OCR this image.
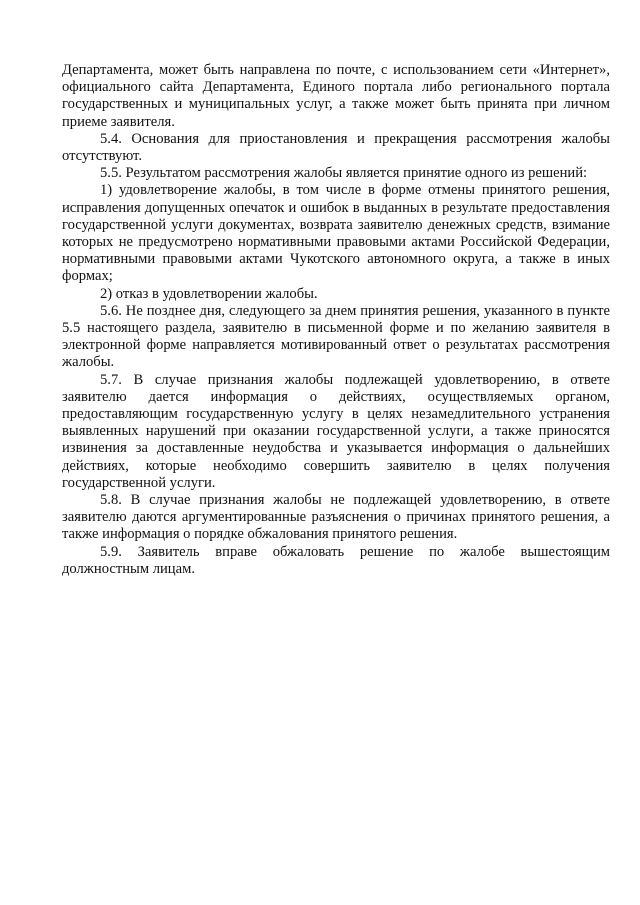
Департамента, может быть направлена по почте, с использованием сети «Интернет», официального сайта Департамента, Единого портала либо регионального портала государственных и муниципальных услуг, а также может быть принята при личном приеме заявителя.

5.4. Основания для приостановления и прекращения рассмотрения жалобы отсутствуют.

5.5. Результатом рассмотрения жалобы является принятие одного из решений:

1) удовлетворение жалобы, в том числе в форме отмены принятого решения, исправления допущенных опечаток и ошибок в выданных в результате предоставления государственной услуги документах, возврата заявителю денежных средств, взимание которых не предусмотрено нормативными правовыми актами Российской Федерации, нормативными правовыми актами Чукотского автономного округа, а также в иных формах;

2) отказ в удовлетворении жалобы.

5.6. Не позднее дня, следующего за днем принятия решения, указанного в пункте 5.5 настоящего раздела, заявителю в письменной форме и по желанию заявителя в электронной форме направляется мотивированный ответ о результатах рассмотрения жалобы.

5.7. В случае признания жалобы подлежащей удовлетворению, в ответе заявителю дается информация о действиях, осуществляемых органом, предоставляющим государственную услугу в целях незамедлительного устранения выявленных нарушений при оказании государственной услуги, а также приносятся извинения за доставленные неудобства и указывается информация о дальнейших действиях, которые необходимо совершить заявителю в целях получения государственной услуги.

5.8. В случае признания жалобы не подлежащей удовлетворению, в ответе заявителю даются аргументированные разъяснения о причинах принятого решения, а также информация о порядке обжалования принятого решения.

5.9. Заявитель вправе обжаловать решение по жалобе вышестоящим должностным лицам.
